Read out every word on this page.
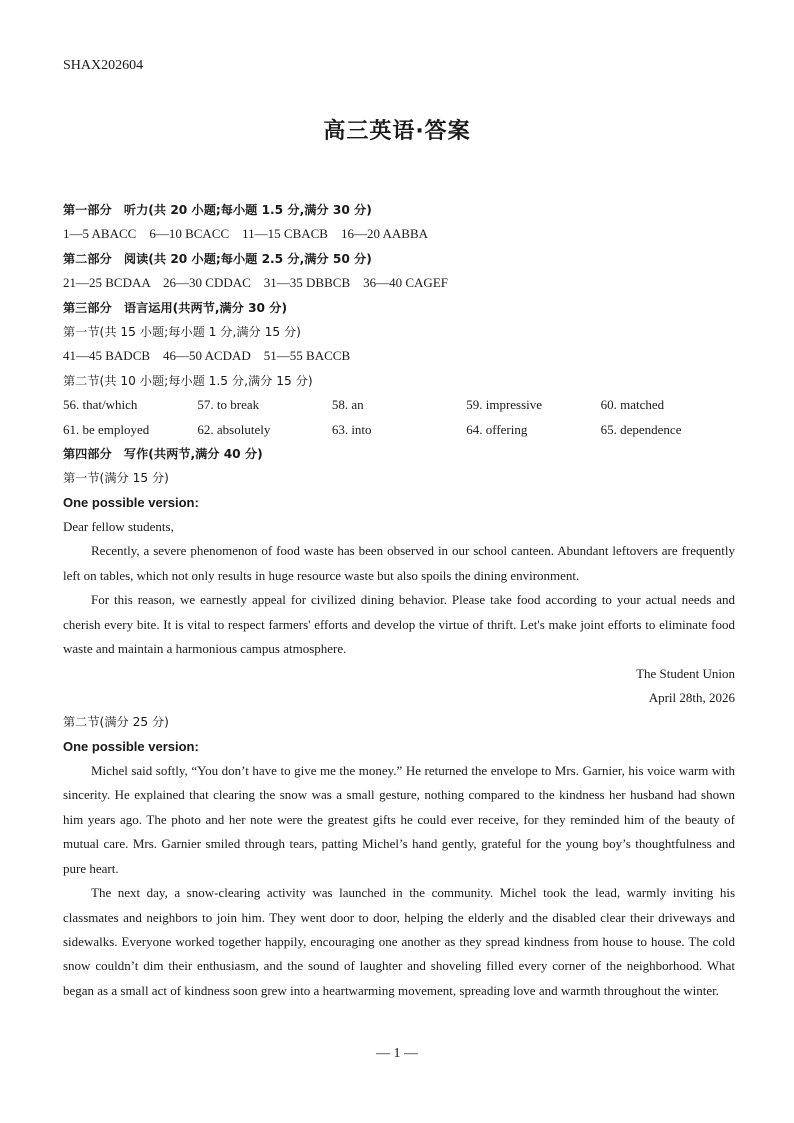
SHAX202604
高三英语·答案
第一部分　听力(共 20 小题;每小题 1.5 分,满分 30 分)
1—5 ABACC　6—10 BCACC　11—15 CBACB　16—20 AABBA
第二部分　阅读(共 20 小题;每小题 2.5 分,满分 50 分)
21—25 BCDAA　26—30 CDDAC　31—35 DBBCB　36—40 CAGEF
第三部分　语言运用(共两节,满分 30 分)
第一节(共 15 小题;每小题 1 分,满分 15 分)
41—45 BADCB　46—50 ACDAD　51—55 BACCB
第二节(共 10 小题;每小题 1.5 分,满分 15 分)
56. that/which	57. to break	58. an	59. impressive	60. matched
61. be employed	62. absolutely	63. into	64. offering	65. dependence
第四部分　写作(共两节,满分 40 分)
第一节(满分 15 分)
One possible version:
Dear fellow students,

Recently, a severe phenomenon of food waste has been observed in our school canteen. Abundant leftovers are frequently left on tables, which not only results in huge resource waste but also spoils the dining environment.

For this reason, we earnestly appeal for civilized dining behavior. Please take food according to your actual needs and cherish every bite. It is vital to respect farmers' efforts and develop the virtue of thrift. Let's make joint efforts to eliminate food waste and maintain a harmonious campus atmosphere.

The Student Union
April 28th, 2026
第二节(满分 25 分)
One possible version:

Michel said softly, “You don’t have to give me the money.” He returned the envelope to Mrs. Garnier, his voice warm with sincerity. He explained that clearing the snow was a small gesture, nothing compared to the kindness her husband had shown him years ago. The photo and her note were the greatest gifts he could ever receive, for they reminded him of the beauty of mutual care. Mrs. Garnier smiled through tears, patting Michel’s hand gently, grateful for the young boy’s thoughtfulness and pure heart.

The next day, a snow-clearing activity was launched in the community. Michel took the lead, warmly inviting his classmates and neighbors to join him. They went door to door, helping the elderly and the disabled clear their driveways and sidewalks. Everyone worked together happily, encouraging one another as they spread kindness from house to house. The cold snow couldn’t dim their enthusiasm, and the sound of laughter and shoveling filled every corner of the neighborhood. What began as a small act of kindness soon grew into a heartwarming movement, spreading love and warmth throughout the winter.

— 1 —
